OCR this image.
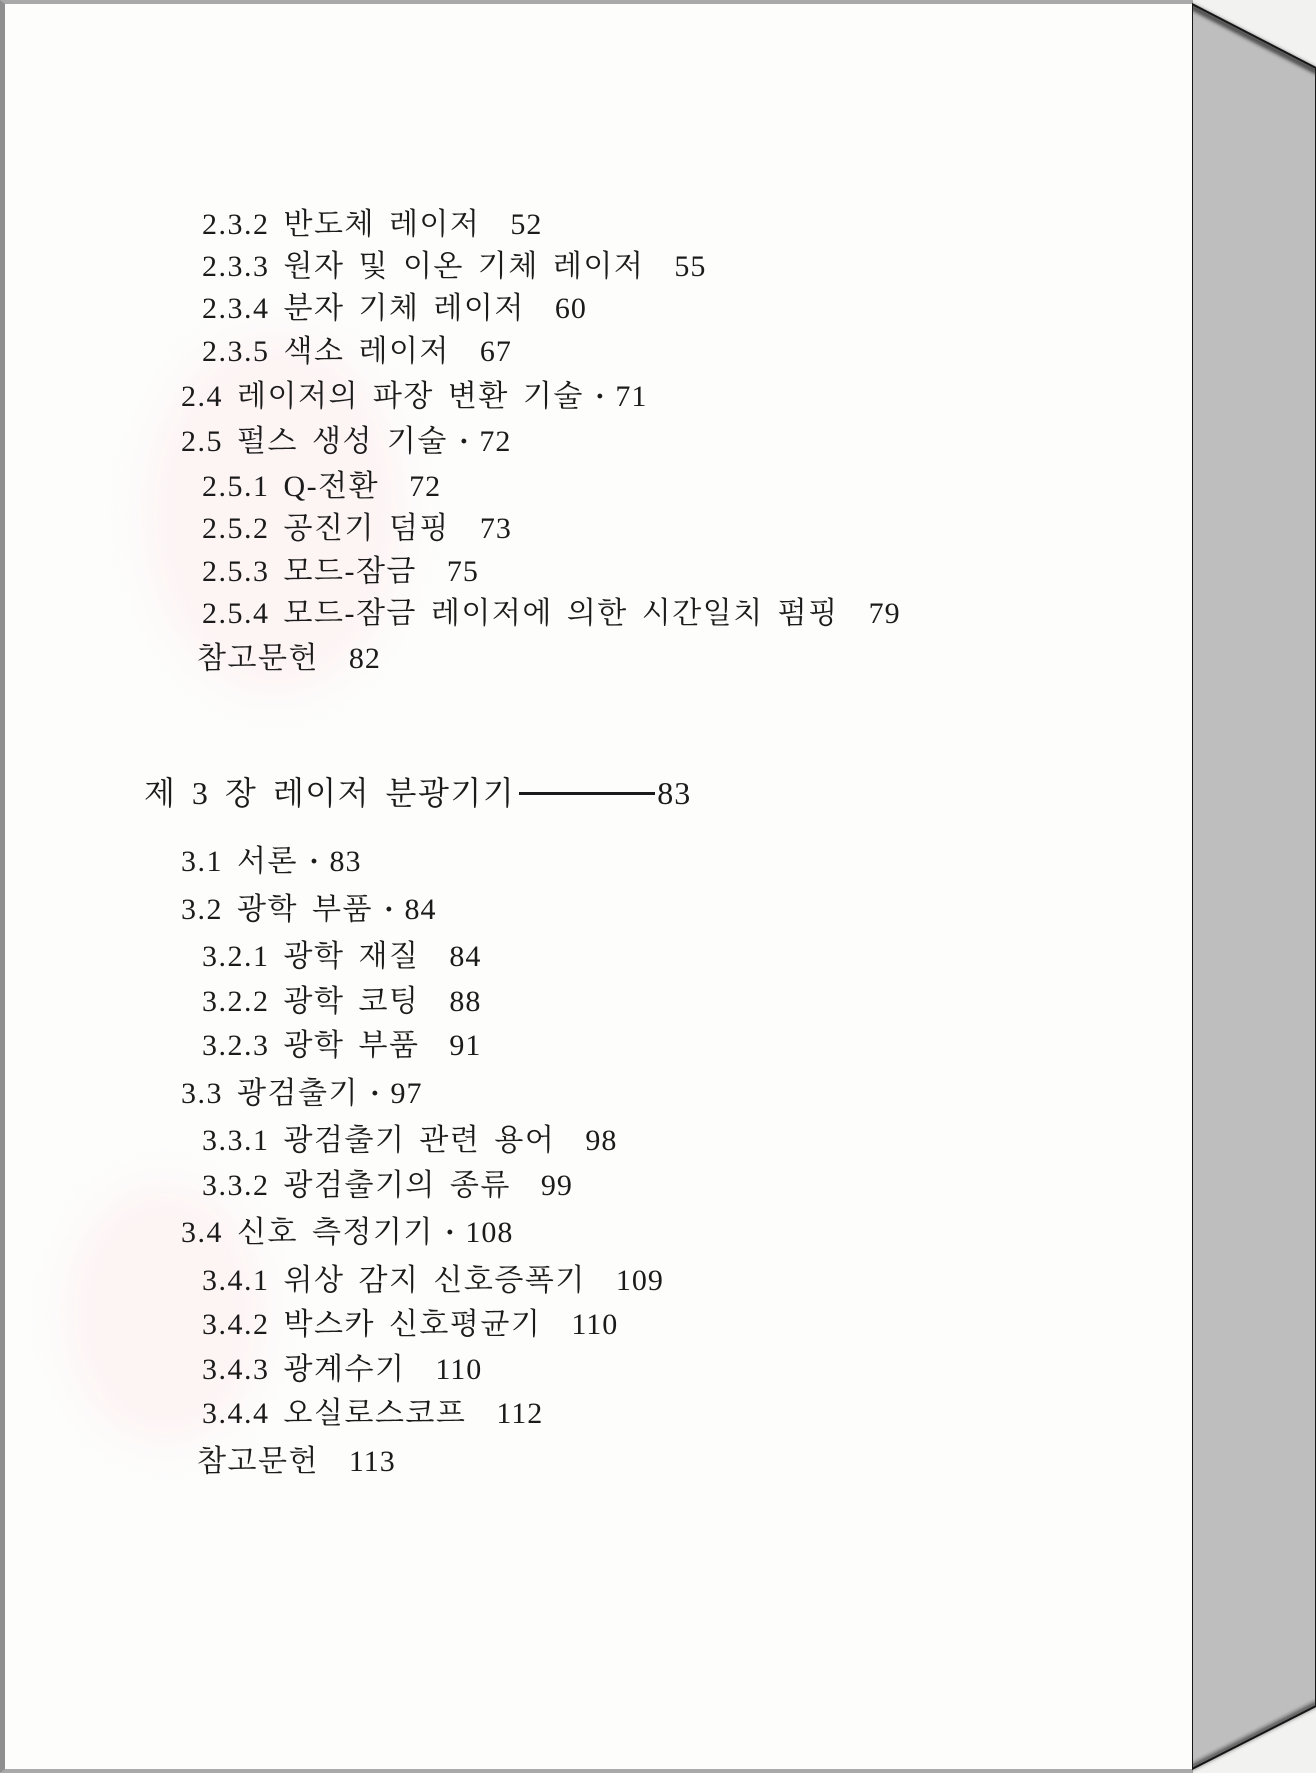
2.3.2 반도체 레이저 52
2.3.3 원자 및 이온 기체 레이저 55
2.3.4 분자 기체 레이저 60
2.3.5 색소 레이저 67
2.4 레이저의 파장 변환 기술 · 71
2.5 펄스 생성 기술 · 72
2.5.1 Q-전환 72
2.5.2 공진기 덤핑 73
2.5.3 모드-잠금 75
2.5.4 모드-잠금 레이저에 의한 시간일치 펌핑 79
참고문헌 82
제 3 장 레이저 분광기기	83
3.1 서론 · 83
3.2 광학 부품 · 84
3.2.1 광학 재질 84
3.2.2 광학 코팅 88
3.2.3 광학 부품 91
3.3 광검출기 · 97
3.3.1 광검출기 관련 용어 98
3.3.2 광검출기의 종류 99
3.4 신호 측정기기 · 108
3.4.1 위상 감지 신호증폭기 109
3.4.2 박스카 신호평균기 110
3.4.3 광계수기 110
3.4.4 오실로스코프 112
참고문헌 113
